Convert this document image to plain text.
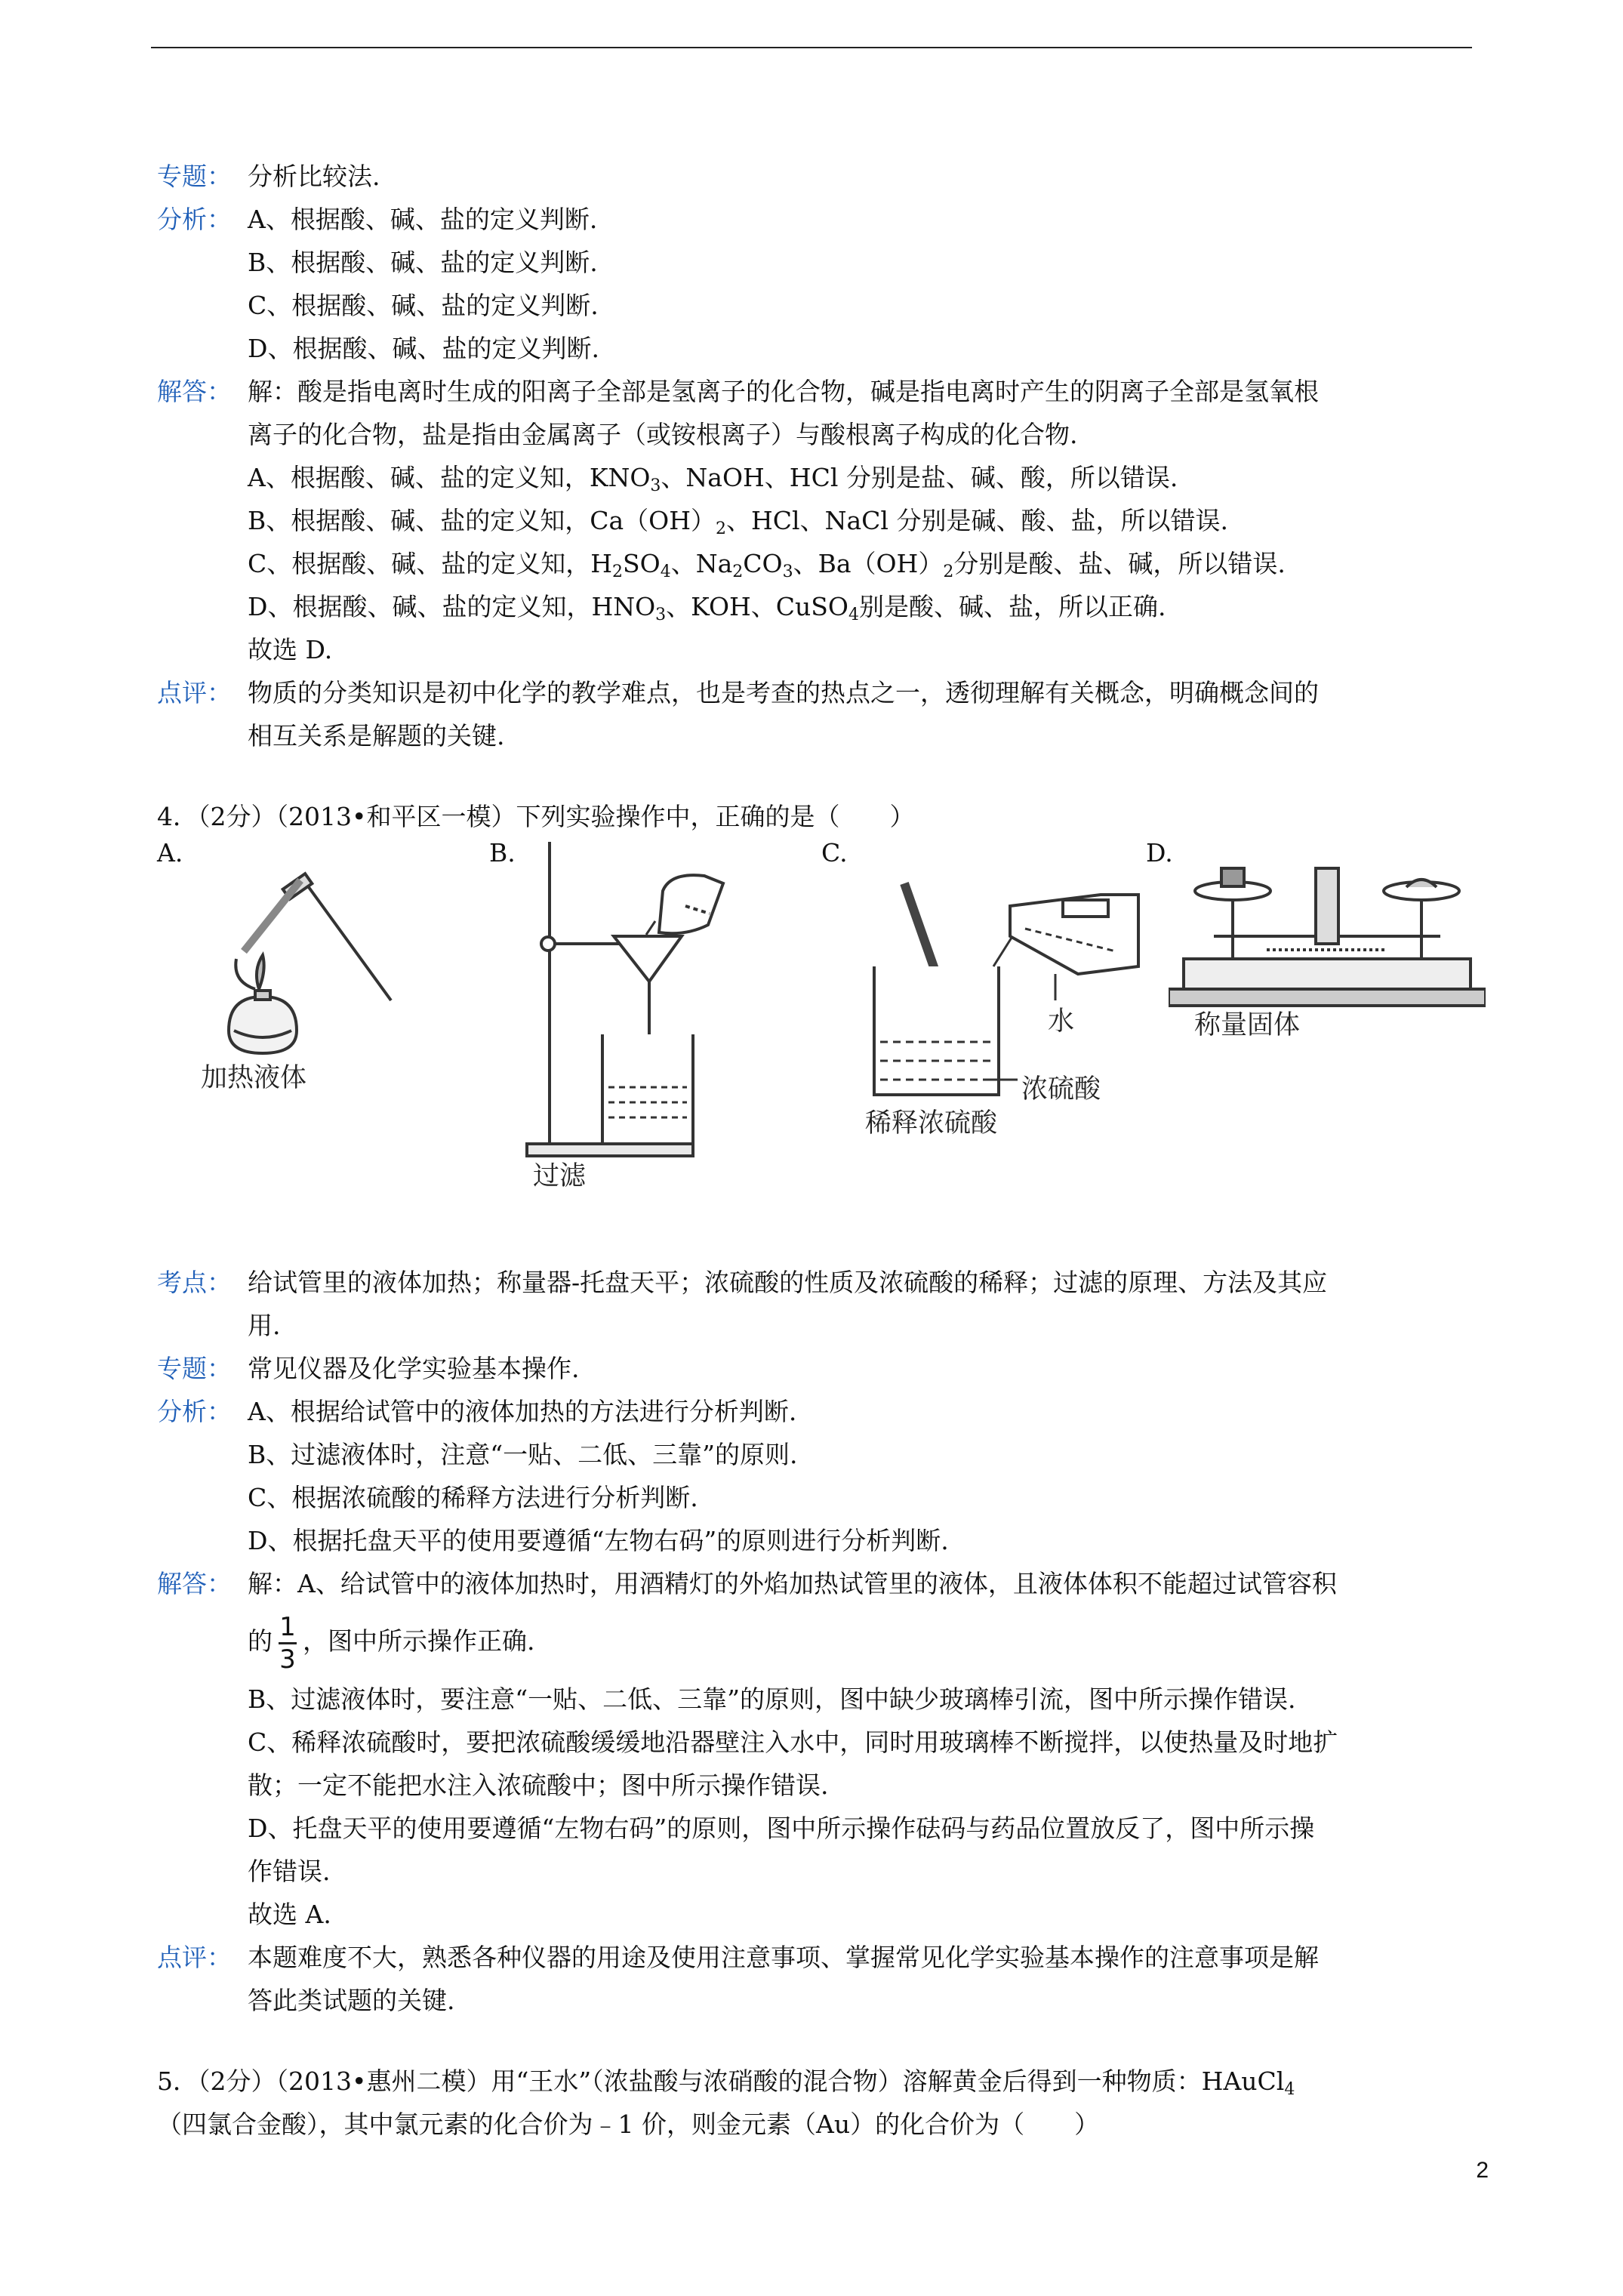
专题： 分析比较法.
分析： A、根据酸、碱、盐的定义判断.
B、根据酸、碱、盐的定义判断.
C、根据酸、碱、盐的定义判断.
D、根据酸、碱、盐的定义判断.
解答： 解：酸是指电离时生成的阳离子全部是氢离子的化合物，碱是指电离时产生的阴离子全部是氢氧根
离子的化合物，盐是指由金属离子（或铵根离子）与酸根离子构成的化合物.
A、根据酸、碱、盐的定义知，$KNO_3$、NaOH、HCl 分别是盐、碱、酸，所以错误.
B、根据酸、碱、盐的定义知，$Ca(OH)_2$、HCl、NaCl 分别是碱、酸、盐，所以错误.
C、根据酸、碱、盐的定义知，$H_2SO_4$、$Na_2CO_3$、$Ba(OH)_2$分别是酸、盐、碱，所以错误.
D、根据酸、碱、盐的定义知，$HNO_3$、KOH、CuSO$_4$别是酸、碱、盐，所以正确.
故选 D.
点评： 物质的分类知识是初中化学的教学难点，也是考查的热点之一，透彻理解有关概念，明确概念间的
相互关系是解题的关键.
4．（2分）（2013•和平区一模）下列实验操作中，正确的是（　　）
A.
加热液体
B.
过滤
C.
水
浓硫酸
稀释浓硫酸
D.
称量固体
考点： 给试管里的液体加热；称量器-托盘天平；浓硫酸的性质及浓硫酸的稀释；过滤的原理、方法及其应
用.
专题： 常见仪器及化学实验基本操作.
分析： A、根据给试管中的液体加热的方法进行分析判断.
B、过滤液体时，注意“一贴、二低、三靠”的原则.
C、根据浓硫酸的稀释方法进行分析判断.
D、根据托盘天平的使用要遵循“左物右码”的原则进行分析判断.
解答： 解：A、给试管中的液体加热时，用酒精灯的外焰加热试管里的液体，且液体体积不能超过试管容积
的 $\frac{1}{3}$ ，图中所示操作正确.
B、过滤液体时，要注意“一贴、二低、三靠”的原则，图中缺少玻璃棒引流，图中所示操作错误.
C、稀释浓硫酸时，要把浓硫酸缓缓地沿器壁注入水中，同时用玻璃棒不断搅拌，以使热量及时地扩
散；一定不能把水注入浓硫酸中；图中所示操作错误.
D、托盘天平的使用要遵循“左物右码”的原则，图中所示操作砝码与药品位置放反了，图中所示操
作错误.
故选 A.
点评： 本题难度不大，熟悉各种仪器的用途及使用注意事项、掌握常见化学实验基本操作的注意事项是解
答此类试题的关键.
5．（2分）（2013•惠州二模）用“王水”（浓盐酸与浓硝酸的混合物）溶解黄金后得到一种物质：HAuCl$_4$
（四氯合金酸），其中氯元素的化合价为﹣1 价，则金元素（Au）的化合价为（　　）
2
